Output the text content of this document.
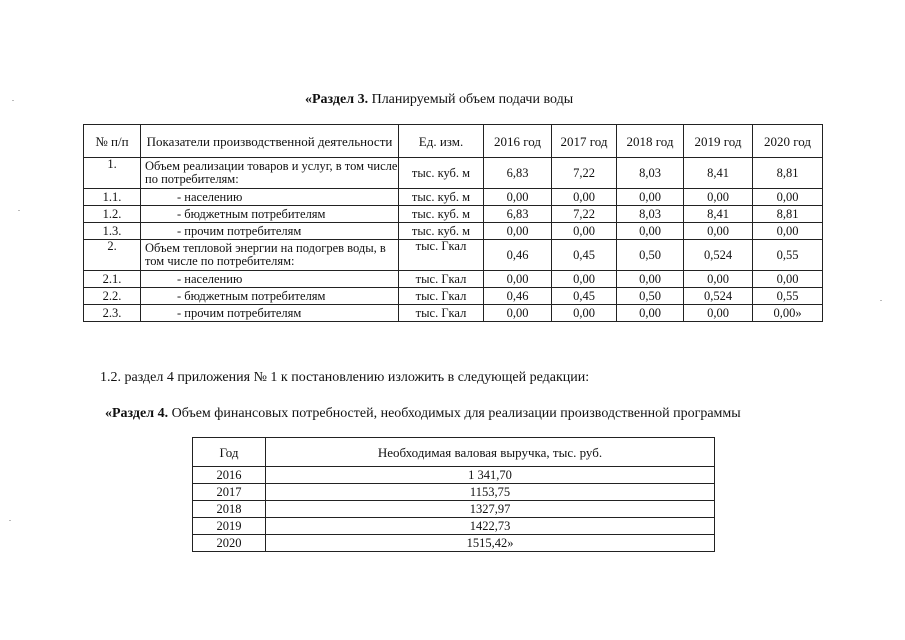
«Раздел 3. Планируемый объем подачи воды
№ п/п	Показатели производственной деятельности	Ед. изм.	2016 год	2017 год	2018 год	2019 год	2020 год
1.	Объем реализации товаров и услуг, в том числе по потребителям:	тыс. куб. м	6,83	7,22	8,03	8,41	8,81
1.1.	- населению	тыс. куб. м	0,00	0,00	0,00	0,00	0,00
1.2.	- бюджетным потребителям	тыс. куб. м	6,83	7,22	8,03	8,41	8,81
1.3.	- прочим потребителям	тыс. куб. м	0,00	0,00	0,00	0,00	0,00
2.	Объем тепловой энергии на подогрев воды, в том числе по потребителям:	тыс. Гкал	0,46	0,45	0,50	0,524	0,55
2.1.	- населению	тыс. Гкал	0,00	0,00	0,00	0,00	0,00
2.2.	- бюджетным потребителям	тыс. Гкал	0,46	0,45	0,50	0,524	0,55
2.3.	- прочим потребителям	тыс. Гкал	0,00	0,00	0,00	0,00	0,00»
1.2. раздел 4 приложения № 1 к постановлению изложить в следующей редакции:
«Раздел 4. Объем финансовых потребностей, необходимых для реализации производственной программы
Год	Необходимая валовая выручка, тыс. руб.
2016	1 341,70
2017	1153,75
2018	1327,97
2019	1422,73
2020	1515,42»
